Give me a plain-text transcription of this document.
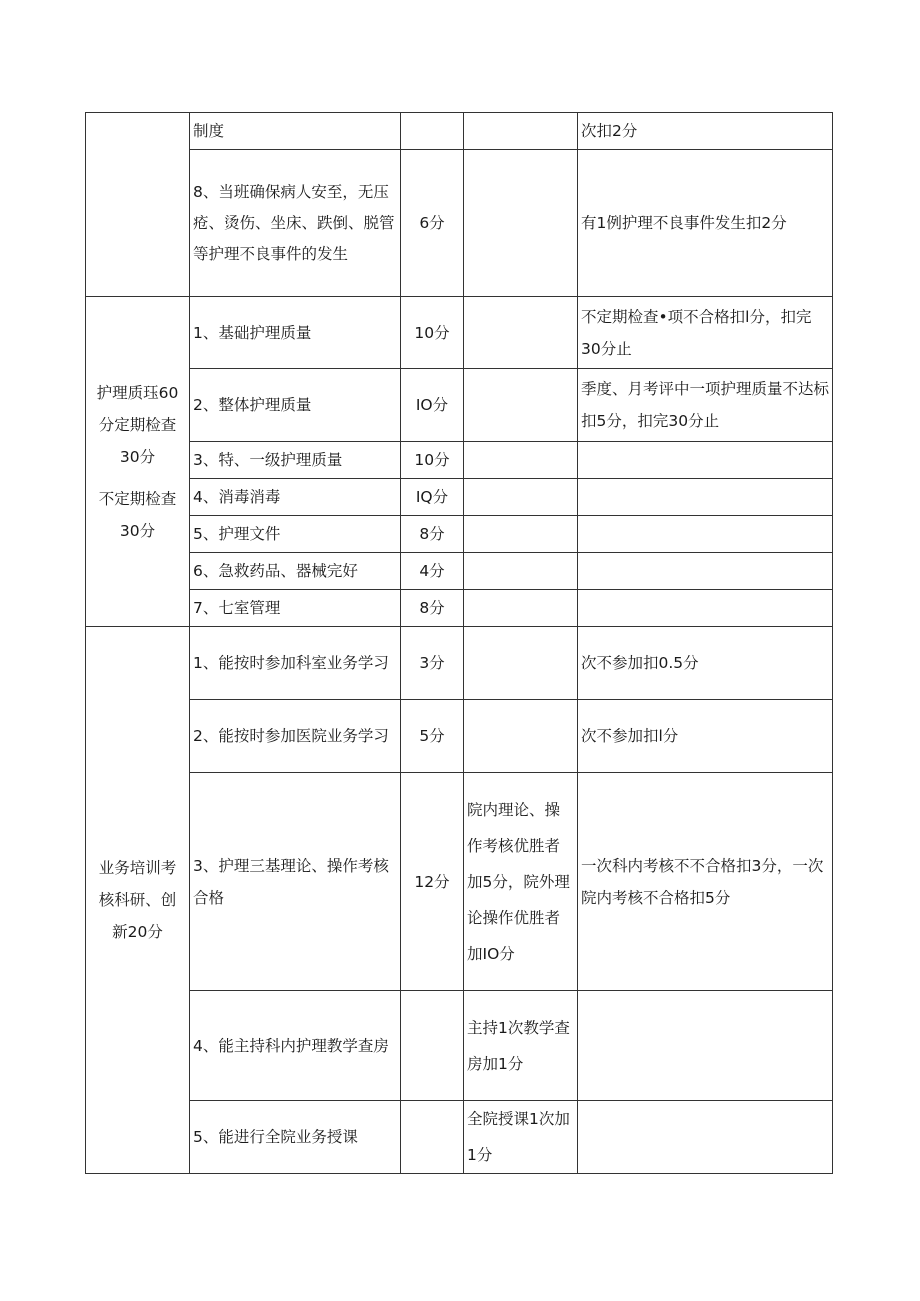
	制度			次扣2分
	8、当班确保病人安至，无压疮、烫伤、坐床、跌倒、脱管等护理不良事件的发生	6分		有1例护理不良事件发生扣2分

护理质珏60
分定期检查
30分
不定期检查
30分	1、基础护理质量	10分		不定期检查•项不合格扣l分，扣完30分止
	2、整体护理质量	IO分		季度、月考评中一项护理质量不达标扣5分，扣完30分止
	3、特、一级护理质量	10分		
	4、消毒消毒	IQ分		
	5、护理文件	8分		
	6、急救药品、器械完好	4分		
	7、七室管理	8分		

业务培训考
核科研、创
新20分	1、能按时参加科室业务学习	3分		次不参加扣0.5分
	2、能按时参加医院业务学习	5分		次不参加扣l分
	3、护理三基理论、操作考核合格	12分	院内理论、操作考核优胜者加5分，院外理论操作优胜者加IO分	一次科内考核不不合格扣3分，一次院内考核不合格扣5分
	4、能主持科内护理教学查房		主持1次教学查房加1分	
	5、能进行全院业务授课		全院授课1次加1分	
